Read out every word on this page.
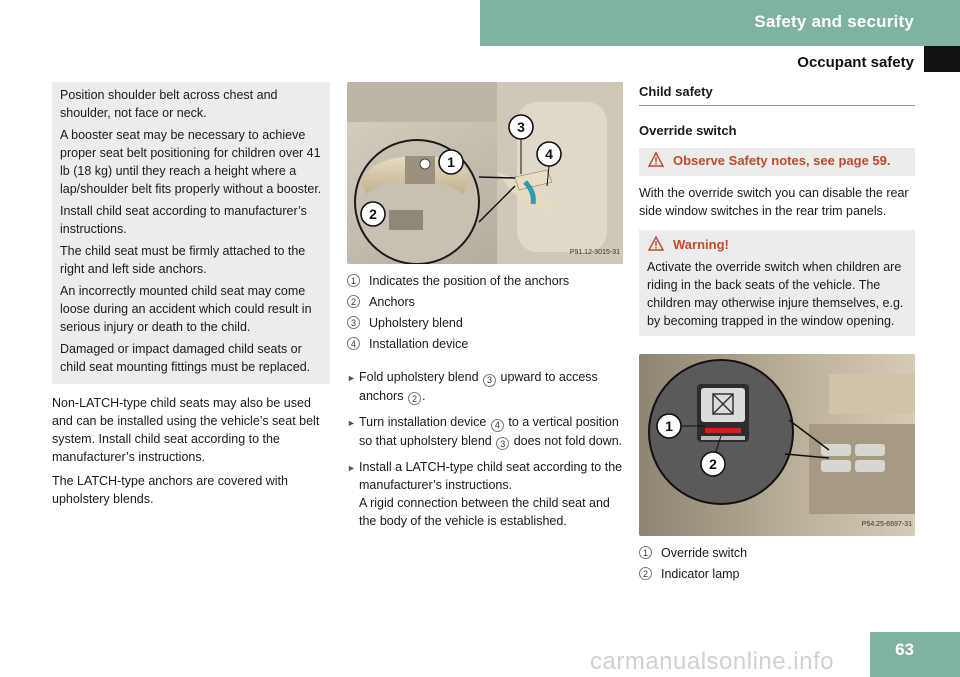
Safety and security
Occupant safety

Position shoulder belt across chest and shoulder, not face or neck.

A booster seat may be necessary to achieve proper seat belt positioning for children over 41 lb (18 kg) until they reach a height where a lap/shoulder belt fits properly without a booster.

Install child seat according to manufacturer’s instructions.

The child seat must be firmly attached to the right and left side anchors.

An incorrectly mounted child seat may come loose during an accident which could result in serious injury or death to the child.

Damaged or impact damaged child seats or child seat mounting fittings must be replaced.

Non-LATCH-type child seats may also be used and can be installed using the vehicle’s seat belt system. Install child seat according to the manufacturer’s instructions.

The LATCH-type anchors are covered with upholstery blends.

1
2
3
4
P91.12-3015-31
1	Indicates the position of the anchors
2	Anchors
3	Upholstery blend
4	Installation device
► Fold upholstery blend 3 upward to access anchors 2 .
► Turn installation device 4 to a vertical position so that upholstery blend 3 does not fold down.
► Install a LATCH-type child seat according to the manufacturer’s instructions.
A rigid connection between the child seat and the body of the vehicle is established.
Child safety
Override switch
Observe Safety notes, see page 59.

With the override switch you can disable the rear side window switches in the rear trim panels.

Warning!
Activate the override switch when children are riding in the back seats of the vehicle. The children may otherwise injure themselves, e.g. by becoming trapped in the window opening.
1
2
P54.25-6697-31
1	Override switch
2	Indicator lamp
carmanualsonline.info	63
